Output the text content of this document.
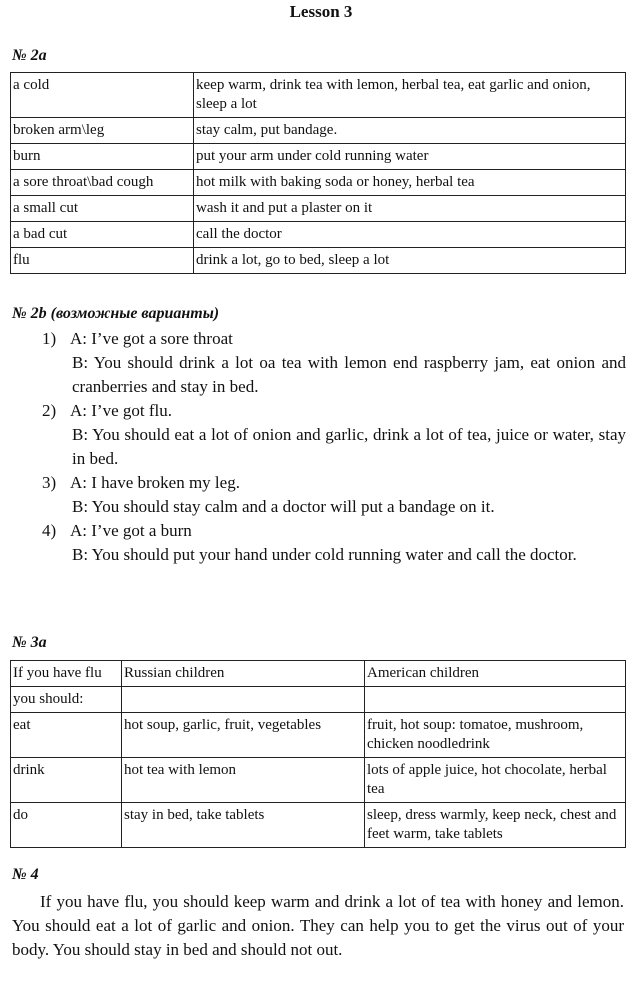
Lesson 3
№ 2a
a cold	keep warm, drink tea with lemon, herbal tea, eat garlic and onion, sleep a lot
broken arm\leg	stay calm, put bandage.
burn	put your arm under cold running water
a sore throat\bad cough	hot milk with baking soda or honey, herbal tea
a small cut	wash it and put a plaster on it
a bad cut	call the doctor
flu	drink a lot, go to bed, sleep a lot
№ 2b (возможные варианты)
1) A: I’ve got a sore throat
B: You should drink a lot oa tea with lemon end raspberry jam, eat onion and cranberries and stay in bed.
2) A: I’ve got flu.
B: You should eat a lot of onion and garlic, drink a lot of tea, juice or water, stay in bed.
3) A: I have broken my leg.
B: You should stay calm and a doctor will put a bandage on it.
4) A: I’ve got a burn
B: You should put your hand under cold running water and call the doctor.
№ 3a
If you have flu	Russian children	American children
you should:		
eat	hot soup, garlic, fruit, vegetables	fruit, hot soup: tomatoe, mushroom, chicken noodledrink
drink	hot tea with lemon	lots of apple juice, hot chocolate, herbal tea
do	stay in bed, take tablets	sleep, dress warmly, keep neck, chest and feet warm, take tablets
№ 4
If you have flu, you should keep warm and drink a lot of tea with honey and lemon. You should eat a lot of garlic and onion. They can help you to get the virus out of your body. You should stay in bed and should not out.
